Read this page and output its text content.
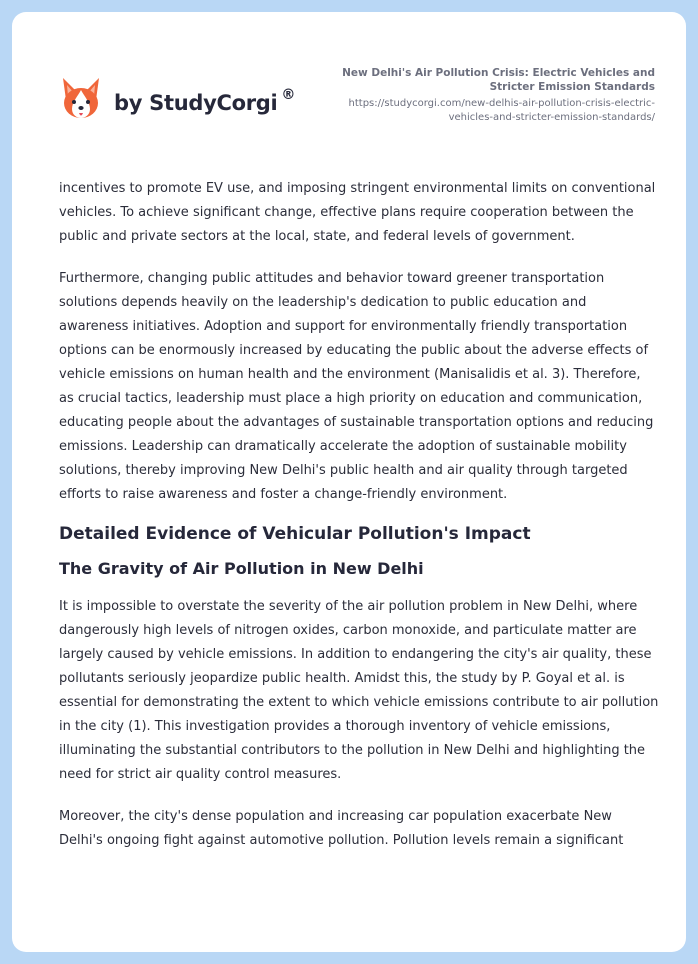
by StudyCorgi ®
New Delhi's Air Pollution Crisis: Electric Vehicles and Stricter Emission Standards
https://studycorgi.com/new-delhis-air-pollution-crisis-electric-vehicles-and-stricter-emission-standards/

incentives to promote EV use, and imposing stringent environmental limits on conventional vehicles. To achieve significant change, effective plans require cooperation between the public and private sectors at the local, state, and federal levels of government.

Furthermore, changing public attitudes and behavior toward greener transportation solutions depends heavily on the leadership's dedication to public education and awareness initiatives. Adoption and support for environmentally friendly transportation options can be enormously increased by educating the public about the adverse effects of vehicle emissions on human health and the environment (Manisalidis et al. 3). Therefore, as crucial tactics, leadership must place a high priority on education and communication, educating people about the advantages of sustainable transportation options and reducing emissions. Leadership can dramatically accelerate the adoption of sustainable mobility solutions, thereby improving New Delhi's public health and air quality through targeted efforts to raise awareness and foster a change-friendly environment.

Detailed Evidence of Vehicular Pollution's Impact
The Gravity of Air Pollution in New Delhi

It is impossible to overstate the severity of the air pollution problem in New Delhi, where dangerously high levels of nitrogen oxides, carbon monoxide, and particulate matter are largely caused by vehicle emissions. In addition to endangering the city's air quality, these pollutants seriously jeopardize public health. Amidst this, the study by P. Goyal et al. is essential for demonstrating the extent to which vehicle emissions contribute to air pollution in the city (1). This investigation provides a thorough inventory of vehicle emissions, illuminating the substantial contributors to the pollution in New Delhi and highlighting the need for strict air quality control measures.

Moreover, the city's dense population and increasing car population exacerbate New Delhi's ongoing fight against automotive pollution. Pollution levels remain a significant
